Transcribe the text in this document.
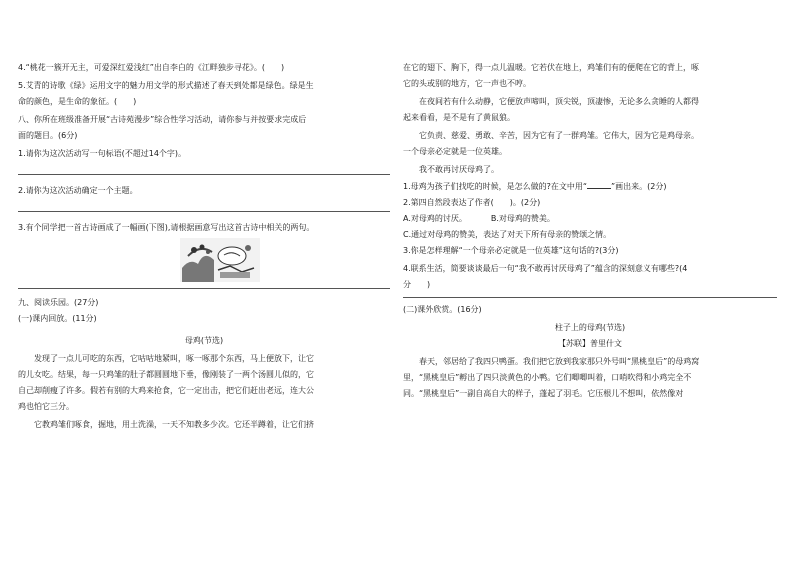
4.“桃花一簇开无主，可爱深红爱浅红”出自李白的《江畔独步寻花》。(　　)

5.艾青的诗歌《绿》运用文字的魅力用文学的形式描述了春天到处都是绿色。绿是生

命的颜色，是生命的象征。(　　)

八、你所在班级准备开展“古诗苑漫步”综合性学习活动，请你参与并按要求完成后

面的题目。(6分)

1.请你为这次活动写一句标语(不超过14个字)。

2.请你为这次活动确定一个主题。

3.有个同学把一首古诗画成了一幅画(下图),请根据画意写出这首古诗中相关的两句。

九、阅读乐园。(27分)

(一)课内回放。(11分)

母鸡(节选)

发现了一点儿可吃的东西，它咕咕地紧叫，啄一啄那个东西，马上便放下，让它

的儿女吃。结果，每一只鸡雏的肚子都圆圆地下垂，像刚装了一两个汤圆儿似的，它

自己却削瘦了许多。假若有别的大鸡来抢食，它一定出击，把它们赶出老远，连大公

鸡也怕它三分。

它教鸡雏们啄食，掘地，用土洗澡，一天不知教多少次。它还半蹲着，让它们挤

在它的翅下、胸下，得一点儿温暖。它若伏在地上，鸡雏们有的便爬在它的背上，啄

它的头或别的地方，它一声也不哼。

在夜间若有什么动静，它便放声啼叫，顶尖锐，顶凄惨，无论多么贪睡的人都得

起来看看，是不是有了黄鼠狼。

它负责、慈爱、勇敢、辛苦，因为它有了一群鸡雏。它伟大，因为它是鸡母亲。

一个母亲必定就是一位英雄。

我不敢再讨厌母鸡了。

1.母鸡为孩子们找吃的时候，是怎么做的?在文中用“	”画出来。(2分)

2.第四自然段表达了作者(　　)。(2分)

A.对母鸡的讨厌。	B.对母鸡的赞美。

C.通过对母鸡的赞美，表达了对天下所有母亲的赞颂之情。

3.你是怎样理解“一个母亲必定就是一位英雄”这句话的?(3分)

4.联系生活，简要谈谈最后一句“我不敢再讨厌母鸡了”蕴含的深刻意义有哪些?(4

分　　)

(二)课外欣赏。(16分)

柱子上的母鸡(节选)

【苏联】普里什文

春天，邻居给了我四只鸭蛋。我们把它放到我家那只外号叫“黑桃皇后”的母鸡窝

里，“黑桃皇后”孵出了四只淡黄色的小鸭。它们唧唧叫着，口哨吹得和小鸡完全不

同。“黑桃皇后”一副自高自大的样子，蓬起了羽毛。它压根儿不想叫，依然像对
